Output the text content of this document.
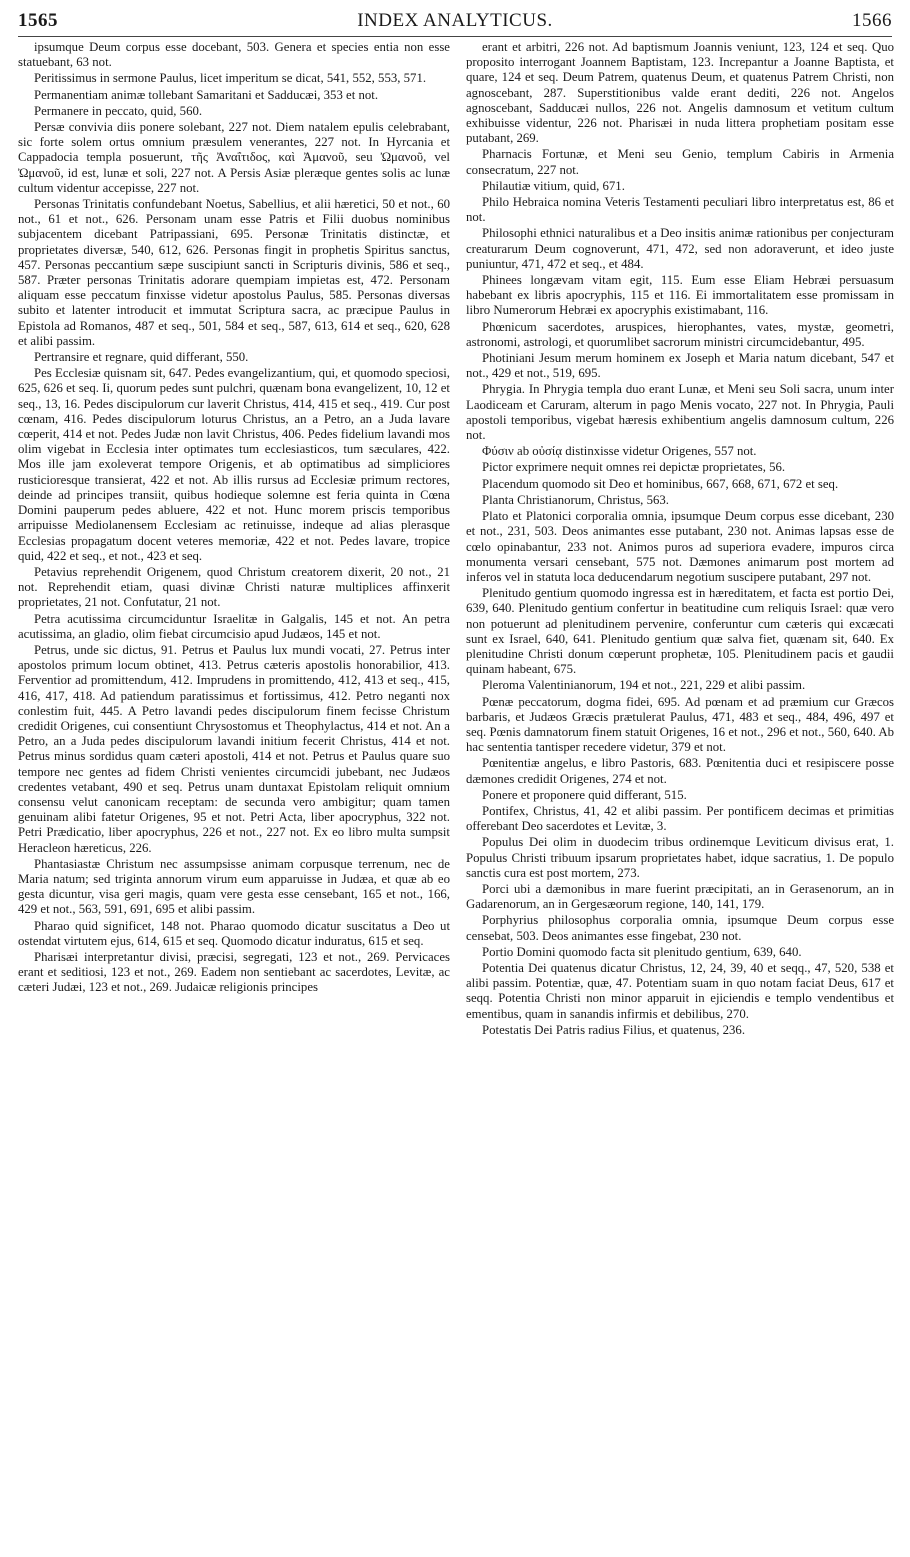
INDEX ANALYTICUS.
1565	1566

ipsumque Deum corpus esse docebant, 503. Genera et species entia non esse statuebant, 63 not.

Peritissimus in sermone Paulus, licet imperitum se dicat, 541, 552, 553, 571.

Permanentiam animæ tollebant Samaritani et Sadducæi, 353 et not.

Permanere in peccato, quid, 560.

Persæ convivia diis ponere solebant, 227 not. Diem natalem epulis celebrabant, sic forte solem ortus omnium præsulem venerantes, 227 not. In Hyrcania et Cappadocia templa posuerunt, τῆς Ἀναΐτιδος, καὶ Ἀμανοῦ, seu Ὠμανοῦ, vel Ὠμανοῦ, id est, lunæ et soli, 227 not. A Persis Asiæ pleræque gentes solis ac lunæ cultum videntur accepisse, 227 not.

Personas Trinitatis confundebant Noetus, Sabellius, et alii hæretici, 50 et not., 60 not., 61 et not., 626. Personam unam esse Patris et Filii duobus nominibus subjacentem dicebant Patripassiani, 695. Personæ Trinitatis distinctæ, et proprietates diversæ, 540, 612, 626. Personas fingit in prophetis Spiritus sanctus, 457. Personas peccantium sæpe suscipiunt sancti in Scripturis divinis, 586 et seq., 587. Præter personas Trinitatis adorare quempiam impietas est, 472. Personam aliquam esse peccatum finxisse videtur apostolus Paulus, 585. Personas diversas subito et latenter introducit et immutat Scriptura sacra, ac præcipue Paulus in Epistola ad Romanos, 487 et seq., 501, 584 et seq., 587, 613, 614 et seq., 620, 628 et alibi passim.

Pertransire et regnare, quid differant, 550.

Pes Ecclesiæ quisnam sit, 647. Pedes evangelizantium, qui, et quomodo speciosi, 625, 626 et seq. Ii, quorum pedes sunt pulchri, quænam bona evangelizent, 10, 12 et seq., 13, 16. Pedes discipulorum cur laverit Christus, 414, 415 et seq., 419. Cur post cœnam, 416. Pedes discipulorum loturus Christus, an a Petro, an a Juda lavare cœperit, 414 et not. Pedes Judæ non lavit Christus, 406. Pedes fidelium lavandi mos olim vigebat in Ecclesia inter optimates tum ecclesiasticos, tum sæculares, 422. Mos ille jam exoleverat tempore Origenis, et ab optimatibus ad simpliciores rusticioresque transierat, 422 et not. Ab illis rursus ad Ecclesiæ primum rectores, deinde ad principes transiit, quibus hodieque solemne est feria quinta in Cœna Domini pauperum pedes abluere, 422 et not. Hunc morem priscis temporibus arripuisse Mediolanensem Ecclesiam ac retinuisse, indeque ad alias plerasque Ecclesias propagatum docent veteres memoriæ, 422 et not. Pedes lavare, tropice quid, 422 et seq., et not., 423 et seq.

Petavius reprehendit Origenem, quod Christum creatorem dixerit, 20 not., 21 not. Reprehendit etiam, quasi divinæ Christi naturæ multiplices affinxerit proprietates, 21 not. Confutatur, 21 not.

Petra acutissima circumciduntur Israelitæ in Galgalis, 145 et not. An petra acutissima, an gladio, olim fiebat circumcisio apud Judæos, 145 et not.

Petrus, unde sic dictus, 91. Petrus et Paulus lux mundi vocati, 27. Petrus inter apostolos primum locum obtinet, 413. Petrus cæteris apostolis honorabilior, 413. Ferventior ad promittendum, 412. Imprudens in promittendo, 412, 413 et seq., 415, 416, 417, 418. Ad patiendum paratissimus et fortissimus, 412. Petro neganti nox conlestim fuit, 445. A Petro lavandi pedes discipulorum finem fecisse Christum credidit Origenes, cui consentiunt Chrysostomus et Theophylactus, 414 et not. An a Petro, an a Juda pedes discipulorum lavandi initium fecerit Christus, 414 et not. Petrus minus sordidus quam cæteri apostoli, 414 et not. Petrus et Paulus quare suo tempore nec gentes ad fidem Christi venientes circumcidi jubebant, nec Judæos credentes vetabant, 490 et seq. Petrus unam duntaxat Epistolam reliquit omnium consensu velut canonicam receptam: de secunda vero ambigitur; quam tamen genuinam alibi fatetur Origenes, 95 et not. Petri Acta, liber apocryphus, 322 not. Petri Prædicatio, liber apocryphus, 226 et not., 227 not. Ex eo libro multa sumpsit Heracleon hæreticus, 226.

Phantasiastæ Christum nec assumpsisse animam corpusque terrenum, nec de Maria natum; sed triginta annorum virum eum apparuisse in Judæa, et quæ ab eo gesta dicuntur, visa geri magis, quam vere gesta esse censebant, 165 et not., 166, 429 et not., 563, 591, 691, 695 et alibi passim.

Pharao quid significet, 148 not. Pharao quomodo dicatur suscitatus a Deo ut ostendat virtutem ejus, 614, 615 et seq. Quomodo dicatur induratus, 615 et seq.

Pharisæi interpretantur divisi, præcisi, segregati, 123 et not., 269. Pervicaces erant et seditiosi, 123 et not., 269. Eadem non sentiebant ac sacerdotes, Levitæ, ac cæteri Judæi, 123 et not., 269. Judaicæ religionis principes

erant et arbitri, 226 not. Ad baptismum Joannis veniunt, 123, 124 et seq. Quo proposito interrogant Joannem Baptistam, 123. Increpantur a Joanne Baptista, et quare, 124 et seq. Deum Patrem, quatenus Deum, et quatenus Patrem Christi, non agnoscebant, 287. Superstitionibus valde erant dediti, 226 not. Angelos agnoscebant, Sadducæi nullos, 226 not. Angelis damnosum et vetitum cultum exhibuisse videntur, 226 not. Pharisæi in nuda littera prophetiam positam esse putabant, 269.

Pharnacis Fortunæ, et Meni seu Genio, templum Cabiris in Armenia consecratum, 227 not.

Philautiæ vitium, quid, 671.

Philo Hebraica nomina Veteris Testamenti peculiari libro interpretatus est, 86 et not.

Philosophi ethnici naturalibus et a Deo insitis animæ rationibus per conjecturam creaturarum Deum cognoverunt, 471, 472, sed non adoraverunt, et ideo juste puniuntur, 471, 472 et seq., et 484.

Phinees longævam vitam egit, 115. Eum esse Eliam Hebræi persuasum habebant ex libris apocryphis, 115 et 116. Ei immortalitatem esse promissam in libro Numerorum Hebræi ex apocryphis existimabant, 116.

Phœnicum sacerdotes, aruspices, hierophantes, vates, mystæ, geometri, astronomi, astrologi, et quorumlibet sacrorum ministri circumcidebantur, 495.

Photiniani Jesum merum hominem ex Joseph et Maria natum dicebant, 547 et not., 429 et not., 519, 695.

Phrygia. In Phrygia templa duo erant Lunæ, et Meni seu Soli sacra, unum inter Laodiceam et Caruram, alterum in pago Menis vocato, 227 not. In Phrygia, Pauli apostoli temporibus, vigebat hæresis exhibentium angelis damnosum cultum, 226 not.

Φύσιν ab οὐσίᾳ distinxisse videtur Origenes, 557 not.

Pictor exprimere nequit omnes rei depictæ proprietates, 56.

Placendum quomodo sit Deo et hominibus, 667, 668, 671, 672 et seq.

Planta Christianorum, Christus, 563.

Plato et Platonici corporalia omnia, ipsumque Deum corpus esse dicebant, 230 et not., 231, 503. Deos animantes esse putabant, 230 not. Animas lapsas esse de cœlo opinabantur, 233 not. Animos puros ad superiora evadere, impuros circa monumenta versari censebant, 575 not. Dæmones animarum post mortem ad inferos vel in statuta loca deducendarum negotium suscipere putabant, 297 not.

Plenitudo gentium quomodo ingressa est in hæreditatem, et facta est portio Dei, 639, 640. Plenitudo gentium confertur in beatitudine cum reliquis Israel: quæ vero non potuerunt ad plenitudinem pervenire, conferuntur cum cæteris qui excæcati sunt ex Israel, 640, 641. Plenitudo gentium quæ salva fiet, quænam sit, 640. Ex plenitudine Christi donum cœperunt prophetæ, 105. Plenitudinem pacis et gaudii quinam habeant, 675.

Pleroma Valentinianorum, 194 et not., 221, 229 et alibi passim.

Pœnæ peccatorum, dogma fidei, 695. Ad pœnam et ad præmium cur Græcos barbaris, et Judæos Græcis prætulerat Paulus, 471, 483 et seq., 484, 496, 497 et seq. Pœnis damnatorum finem statuit Origenes, 16 et not., 296 et not., 560, 640. Ab hac sententia tantisper recedere videtur, 379 et not.

Pœnitentiæ angelus, e libro Pastoris, 683. Pœnitentia duci et resipiscere posse dæmones credidit Origenes, 274 et not.

Ponere et proponere quid differant, 515.

Pontifex, Christus, 41, 42 et alibi passim. Per pontificem decimas et primitias offerebant Deo sacerdotes et Levitæ, 3.

Populus Dei olim in duodecim tribus ordinemque Leviticum divisus erat, 1. Populus Christi tribuum ipsarum proprietates habet, idque sacratius, 1. De populo sanctis cura est post mortem, 273.

Porci ubi a dæmonibus in mare fuerint præcipitati, an in Gerasenorum, an in Gadarenorum, an in Gergesæorum regione, 140, 141, 179.

Porphyrius philosophus corporalia omnia, ipsumque Deum corpus esse censebat, 503. Deos animantes esse fingebat, 230 not.

Portio Domini quomodo facta sit plenitudo gentium, 639, 640.

Potentia Dei quatenus dicatur Christus, 12, 24, 39, 40 et seqq., 47, 520, 538 et alibi passim. Potentiæ, quæ, 47. Potentiam suam in quo notam faciat Deus, 617 et seqq. Potentia Christi non minor apparuit in ejiciendis e templo vendentibus et ementibus, quam in sanandis infirmis et debilibus, 270.

Potestatis Dei Patris radius Filius, et quatenus, 236.
